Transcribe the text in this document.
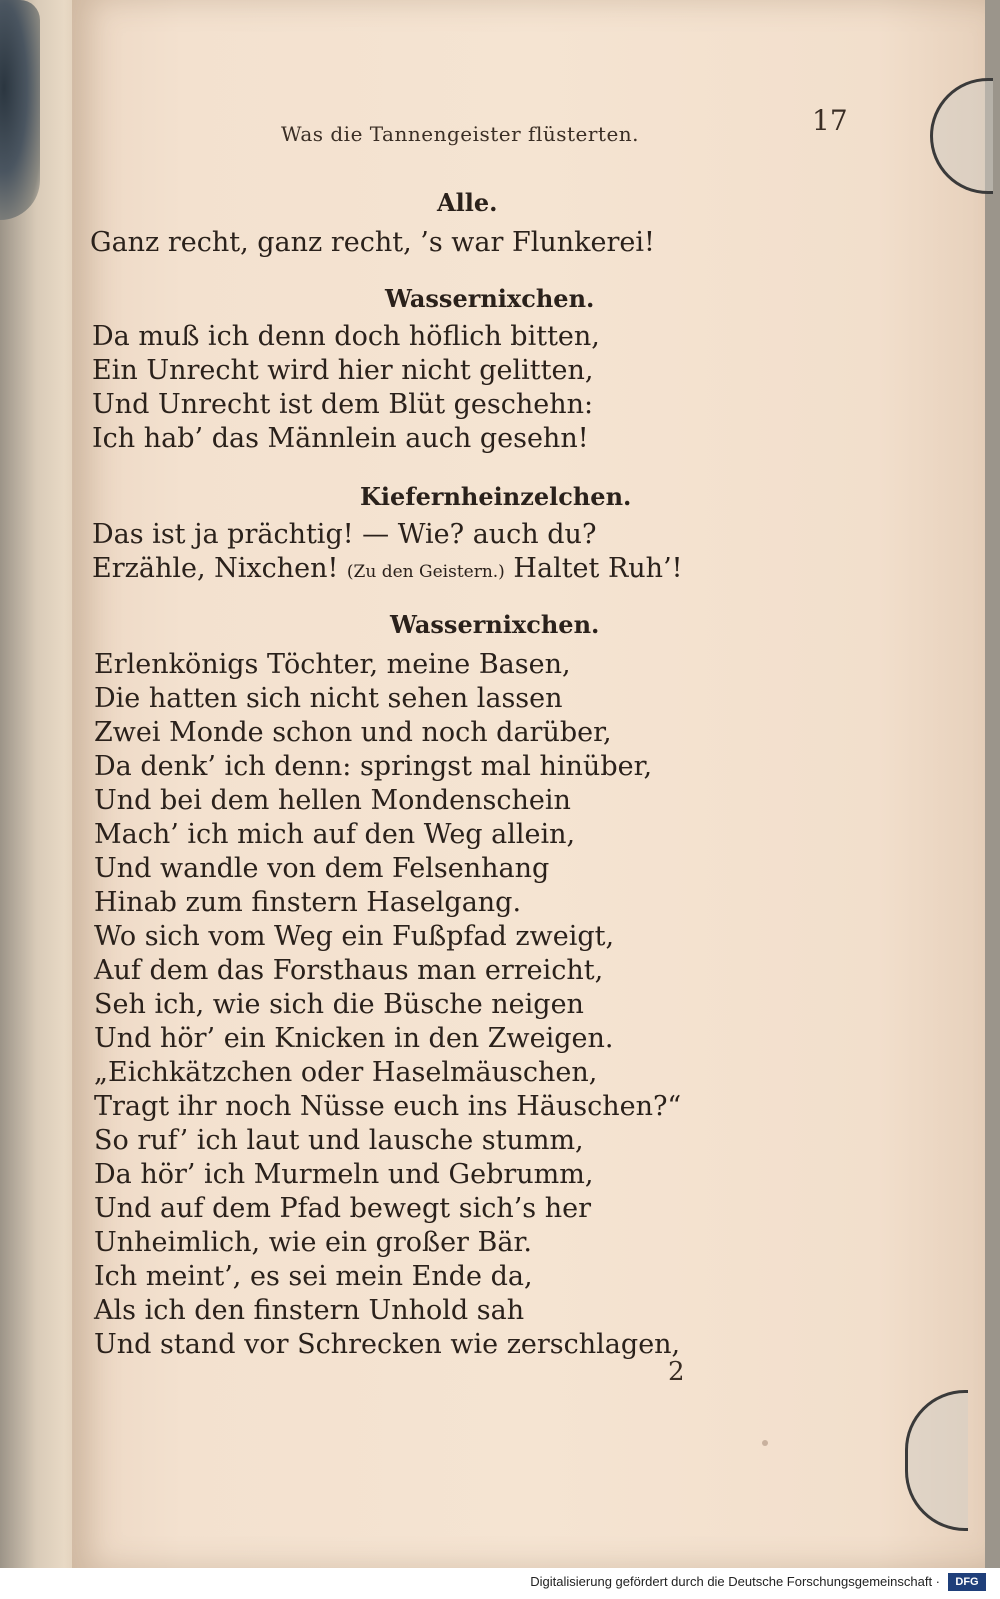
Was die Tannengeister flüsterten.	17
Alle.
Ganz recht, ganz recht, ’s war Flunkerei!
Wassernixchen.
Da muß ich denn doch höflich bitten,
Ein Unrecht wird hier nicht gelitten,
Und Unrecht ist dem Blüt geschehn:
Ich hab’ das Männlein auch gesehn!
Kiefernheinzelchen.
Das ist ja prächtig! — Wie? auch du?
Erzähle, Nixchen! (Zu den Geistern.) Haltet Ruh’!
Wassernixchen.
Erlenkönigs Töchter, meine Basen,
Die hatten sich nicht sehen lassen
Zwei Monde schon und noch darüber,
Da denk’ ich denn: springst mal hinüber,
Und bei dem hellen Mondenschein
Mach’ ich mich auf den Weg allein,
Und wandle von dem Felsenhang
Hinab zum finstern Haselgang.
Wo sich vom Weg ein Fußpfad zweigt,
Auf dem das Forsthaus man erreicht,
Seh ich, wie sich die Büsche neigen
Und hör’ ein Knicken in den Zweigen.
„Eichkätzchen oder Haselmäuschen,
Tragt ihr noch Nüsse euch ins Häuschen?“
So ruf’ ich laut und lausche stumm,
Da hör’ ich Murmeln und Gebrumm,
Und auf dem Pfad bewegt sich’s her
Unheimlich, wie ein großer Bär.
Ich meint’, es sei mein Ende da,
Als ich den finstern Unhold sah
Und stand vor Schrecken wie zerschlagen,
2
Digitalisierung gefördert durch die Deutsche Forschungsgemeinschaft ·	DFG
